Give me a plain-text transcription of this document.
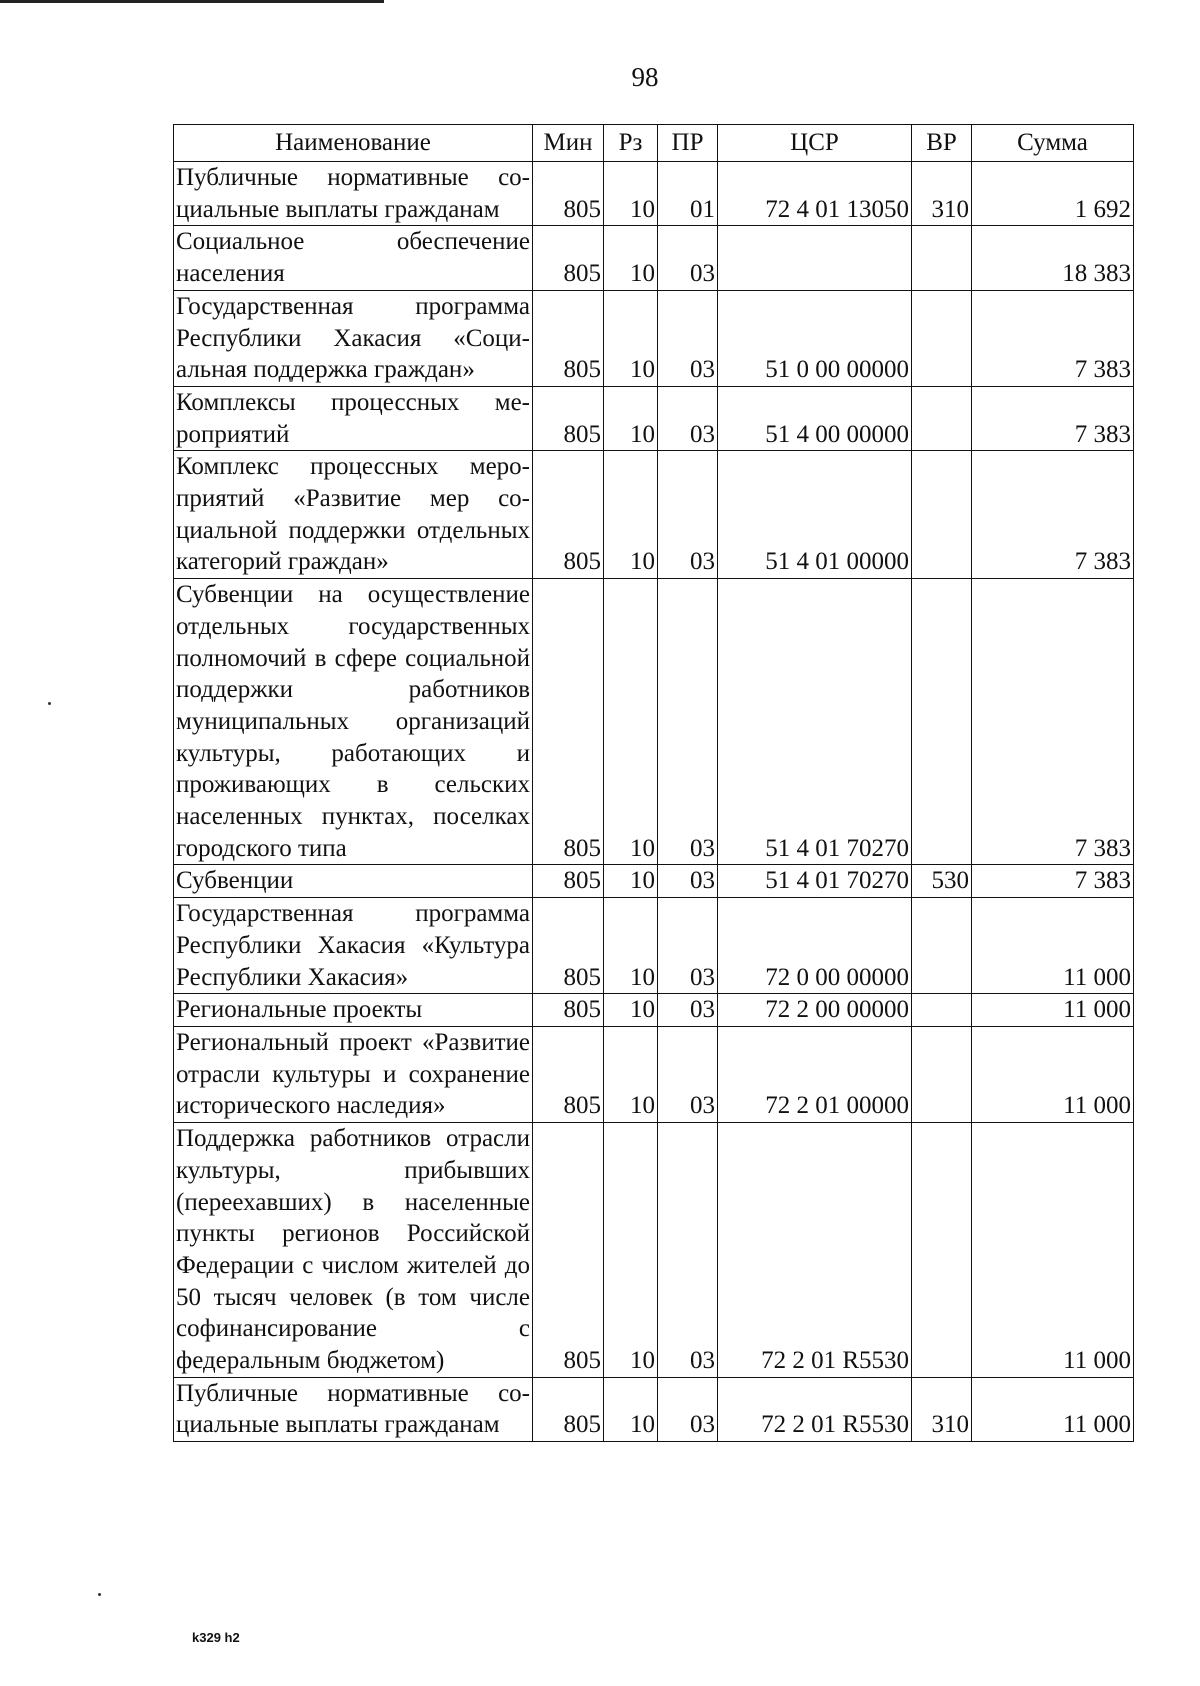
98
Наименование	Мин	Рз	ПР	ЦСР	ВР	Сумма
Публичные нормативные социальные выплаты гражданам	805	10	01	72 4 01 13050	310	1 692
Социальное обеспечение населения	805	10	03			18 383
Государственная программа Республики Хакасия «Социальная поддержка граждан»	805	10	03	51 0 00 00000		7 383
Комплексы процессных мероприятий	805	10	03	51 4 00 00000		7 383
Комплекс процессных мероприятий «Развитие мер социальной поддержки отдельных категорий граждан»	805	10	03	51 4 01 00000		7 383
Субвенции на осуществление отдельных государственных полномочий в сфере социальной поддержки работников муниципальных организаций культуры, работающих и проживающих в сельских населенных пунктах, поселках городского типа	805	10	03	51 4 01 70270		7 383
Субвенции	805	10	03	51 4 01 70270	530	7 383
Государственная программа Республики Хакасия «Культура Республики Хакасия»	805	10	03	72 0 00 00000		11 000
Региональные проекты	805	10	03	72 2 00 00000		11 000
Региональный проект «Развитие отрасли культуры и сохранение исторического наследия»	805	10	03	72 2 01 00000		11 000
Поддержка работников отрасли культуры, прибывших (переехавших) в населенные пункты регионов Российской Федерации с числом жителей до 50 тысяч человек (в том числе софинансирование с федеральным бюджетом)	805	10	03	72 2 01 R5530		11 000
Публичные нормативные социальные выплаты гражданам	805	10	03	72 2 01 R5530	310	11 000
k329 h2
